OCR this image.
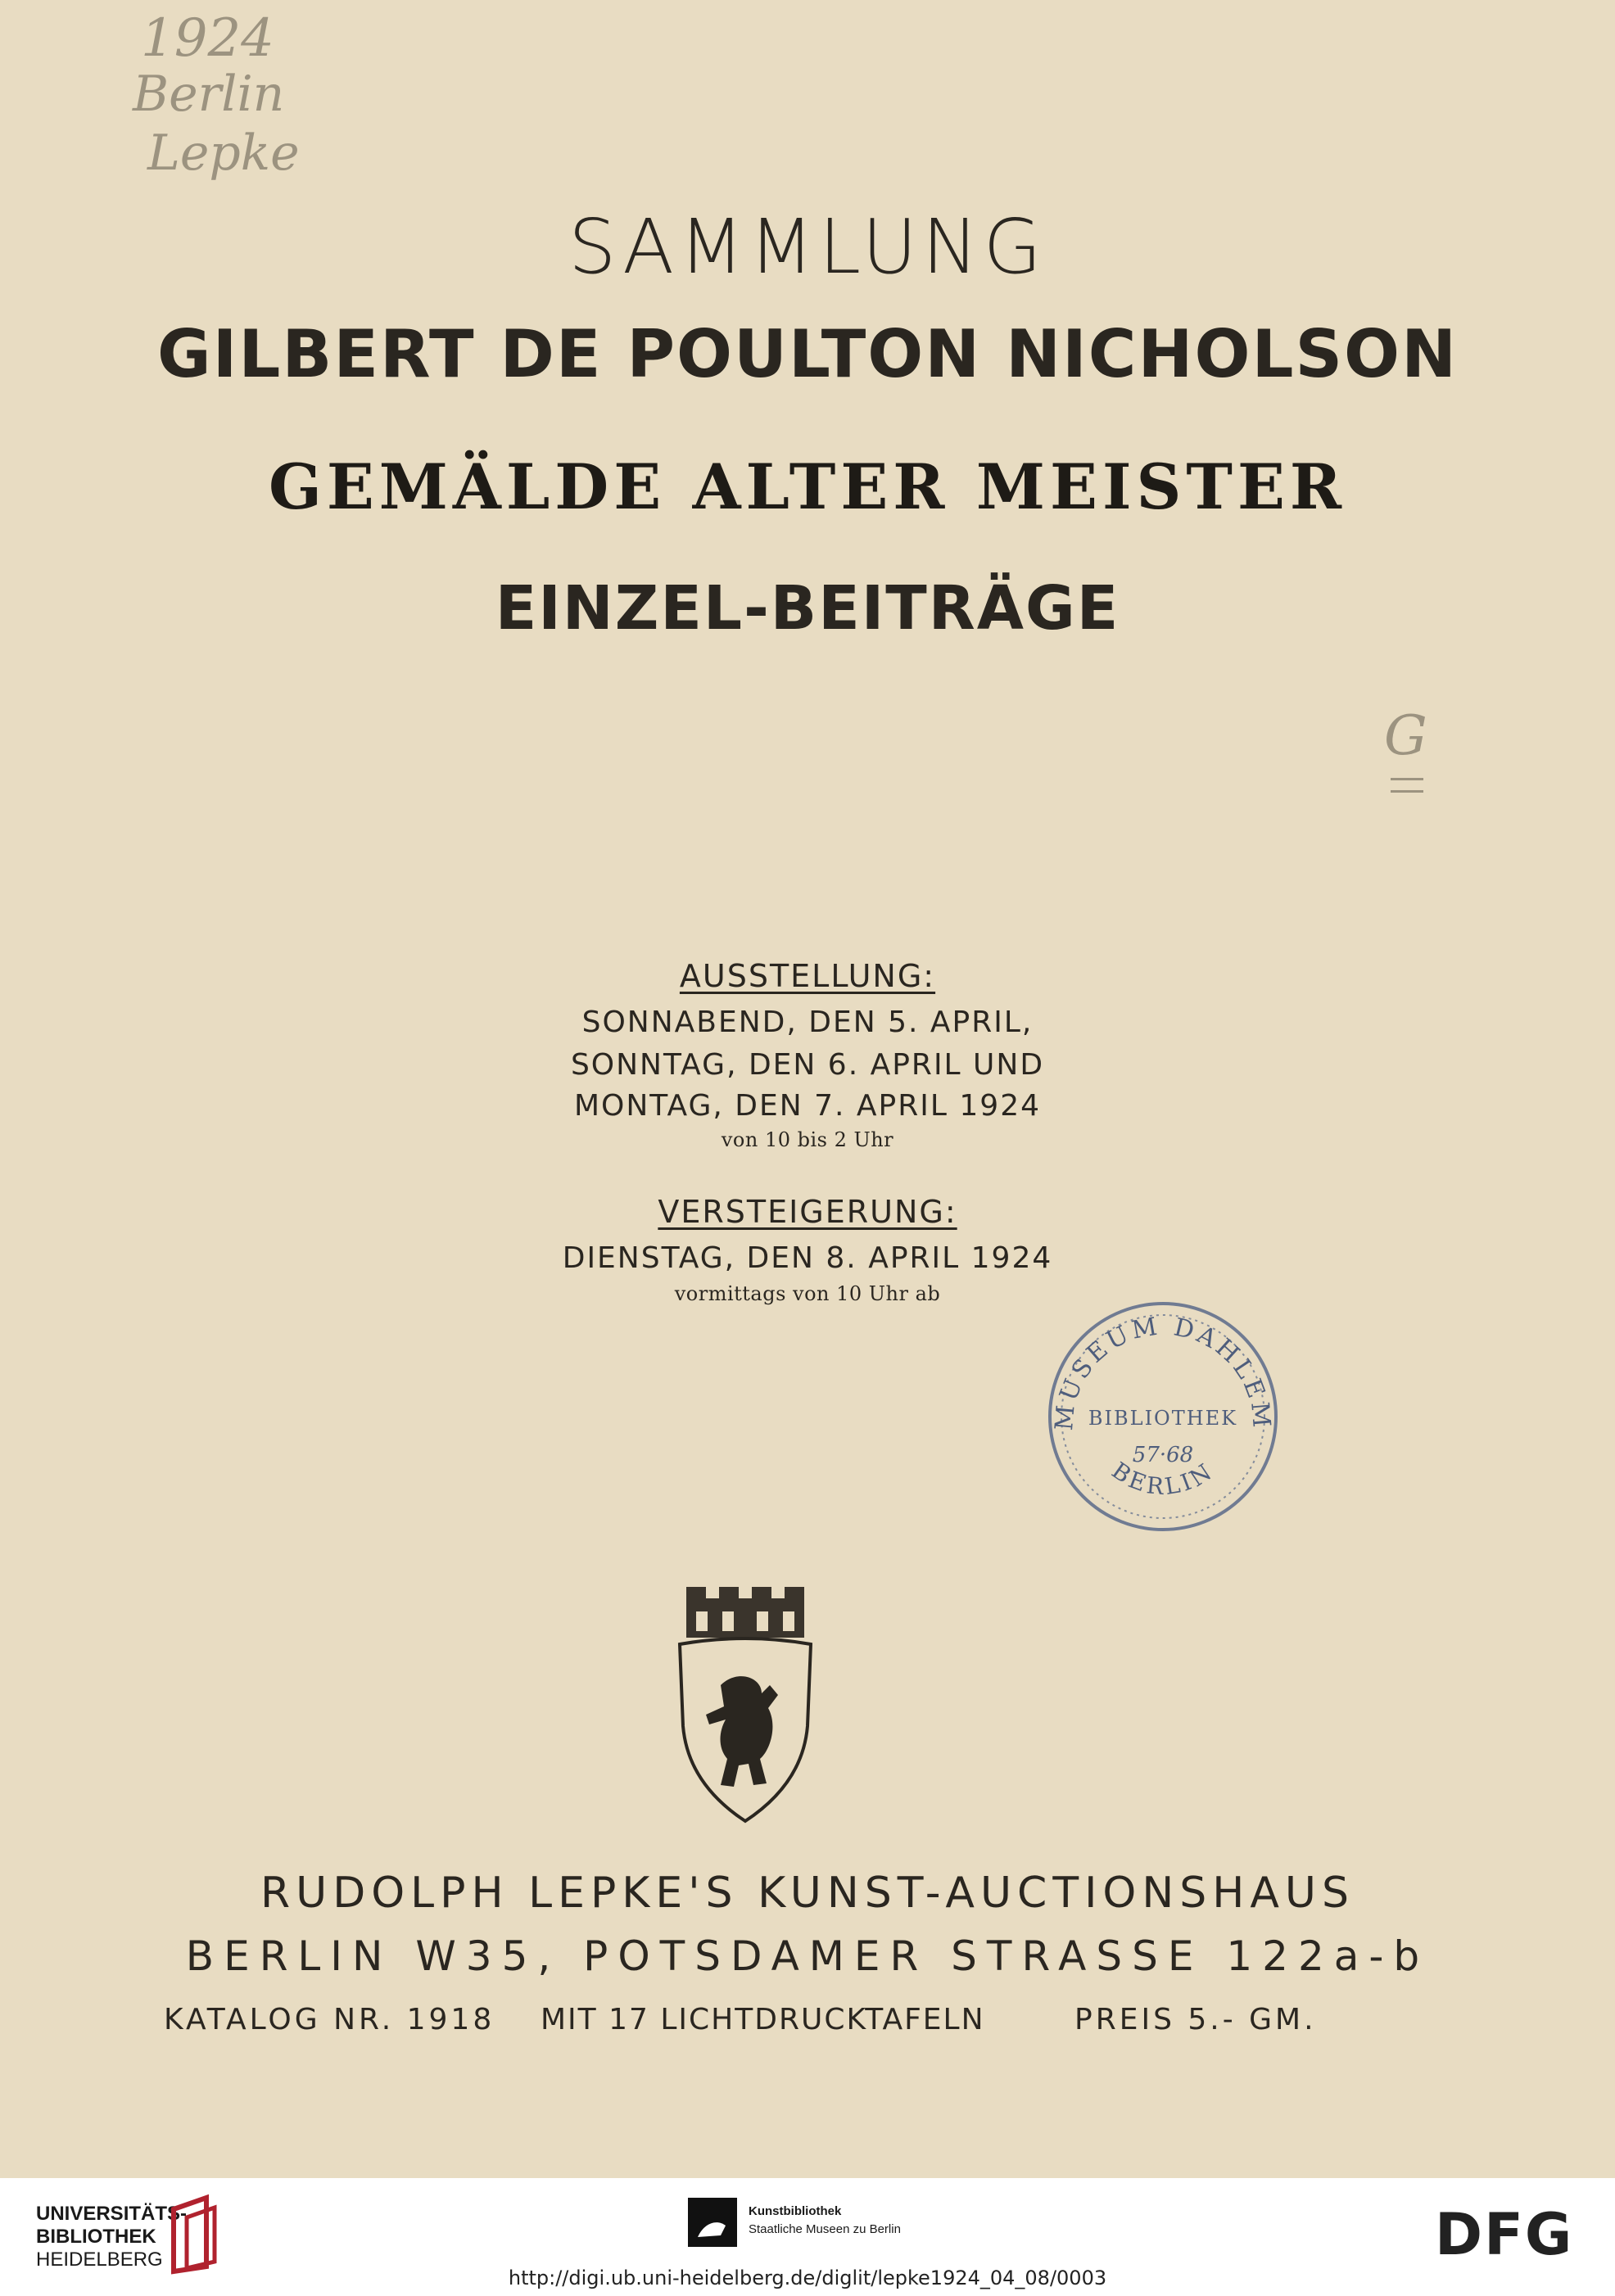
1924
Berlin
Lepke
G
SAMMLUNG
GILBERT DE POULTON NICHOLSON
GEMÄLDE ALTER MEISTER
EINZEL-BEITRÄGE
AUSSTELLUNG:
SONNABEND, DEN 5. APRIL,
SONNTAG, DEN 6. APRIL UND
MONTAG, DEN 7. APRIL 1924
von 10 bis 2 Uhr
VERSTEIGERUNG:
DIENSTAG, DEN 8. APRIL 1924
vormittags von 10 Uhr ab
MUSEUM DAHLEM
BIBLIOTHEK
57·68
BERLIN
RUDOLPH LEPKE'S KUNST-AUCTIONSHAUS
BERLIN W35, POTSDAMER STRASSE 122a-b
KATALOG NR. 1918 MIT 17 LICHTDRUCKTAFELN	PREIS 5.- GM.
UNIVERSITÄTS-
BIBLIOTHEK
HEIDELBERG
Kunstbibliothek
Staatliche Museen zu Berlin	DFG
http://digi.ub.uni-heidelberg.de/diglit/lepke1924_04_08/0003
